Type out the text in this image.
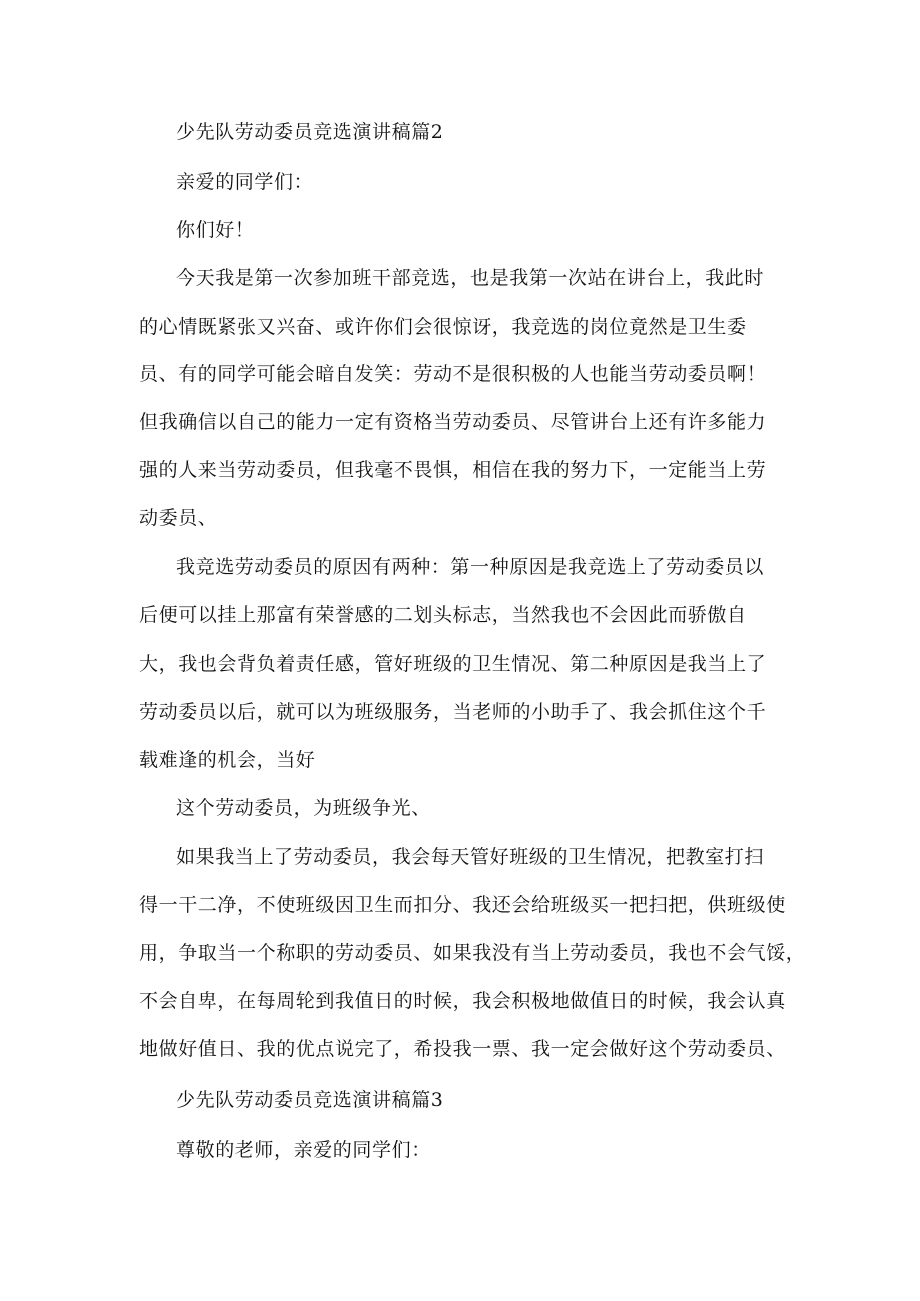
少先队劳动委员竞选演讲稿篇2
亲爱的同学们：
你们好！
今天我是第一次参加班干部竞选，也是我第一次站在讲台上，我此时
的心情既紧张又兴奋、或许你们会很惊讶，我竞选的岗位竟然是卫生委
员、有的同学可能会暗自发笑：劳动不是很积极的人也能当劳动委员啊！
但我确信以自己的能力一定有资格当劳动委员、尽管讲台上还有许多能力
强的人来当劳动委员，但我毫不畏惧，相信在我的努力下，一定能当上劳
动委员、
我竞选劳动委员的原因有两种：第一种原因是我竞选上了劳动委员以
后便可以挂上那富有荣誉感的二划头标志，当然我也不会因此而骄傲自
大，我也会背负着责任感，管好班级的卫生情况、第二种原因是我当上了
劳动委员以后，就可以为班级服务，当老师的小助手了、我会抓住这个千
载难逢的机会，当好
这个劳动委员，为班级争光、
如果我当上了劳动委员，我会每天管好班级的卫生情况，把教室打扫
得一干二净，不使班级因卫生而扣分、我还会给班级买一把扫把，供班级使
用，争取当一个称职的劳动委员、如果我没有当上劳动委员，我也不会气馁，
不会自卑，在每周轮到我值日的时候，我会积极地做值日的时候，我会认真
地做好值日、我的优点说完了，希投我一票、我一定会做好这个劳动委员、
少先队劳动委员竞选演讲稿篇3
尊敬的老师，亲爱的同学们：
